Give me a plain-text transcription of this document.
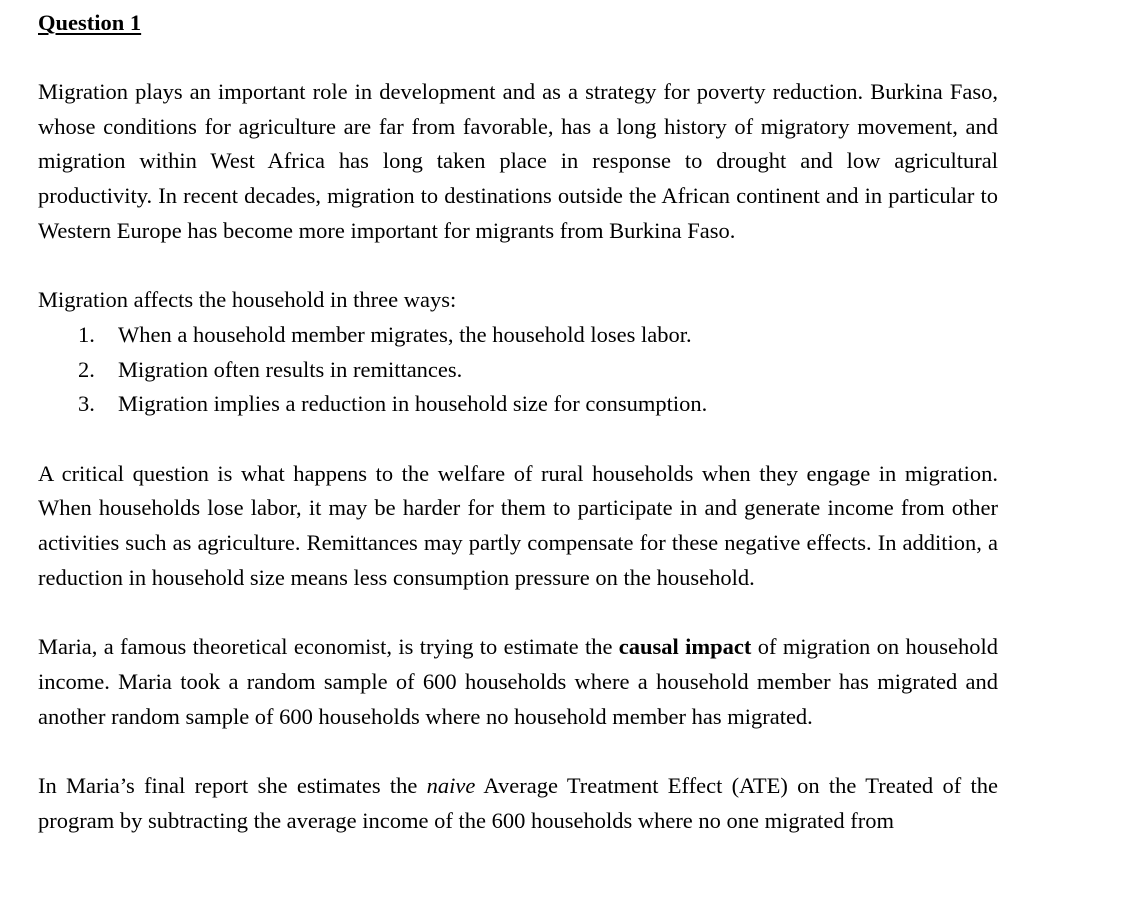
Question 1

Migration plays an important role in development and as a strategy for poverty reduction. Burkina Faso, whose conditions for agriculture are far from favorable, has a long history of migratory movement, and migration within West Africa has long taken place in response to drought and low agricultural productivity. In recent decades, migration to destinations outside the African continent and in particular to Western Europe has become more important for migrants from Burkina Faso.

Migration affects the household in three ways:

1.	When a household member migrates, the household loses labor.
2.	Migration often results in remittances.
3.	Migration implies a reduction in household size for consumption.

A critical question is what happens to the welfare of rural households when they engage in migration. When households lose labor, it may be harder for them to participate in and generate income from other activities such as agriculture. Remittances may partly compensate for these negative effects. In addition, a reduction in household size means less consumption pressure on the household.

Maria, a famous theoretical economist, is trying to estimate the causal impact of migration on household income. Maria took a random sample of 600 households where a household member has migrated and another random sample of 600 households where no household member has migrated.

In Maria’s final report she estimates the naive Average Treatment Effect (ATE) on the Treated of the program by subtracting the average income of the 600 households where no one migrated from
